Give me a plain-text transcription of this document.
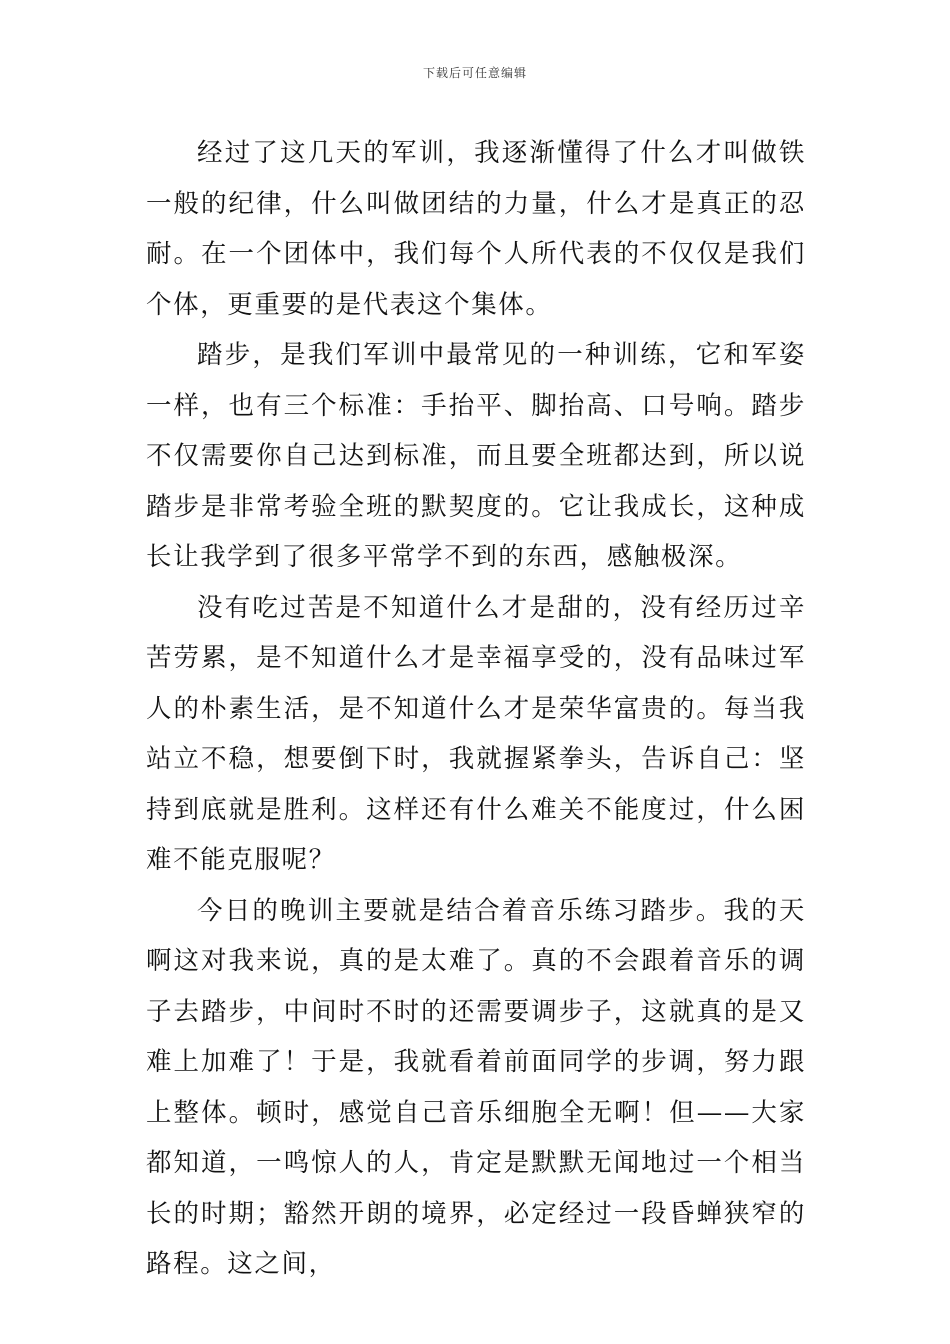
下载后可任意编辑

经过了这几天的军训，我逐渐懂得了什么才叫做铁一般的纪律，什么叫做团结的力量，什么才是真正的忍耐。在一个团体中，我们每个人所代表的不仅仅是我们个体，更重要的是代表这个集体。

踏步，是我们军训中最常见的一种训练，它和军姿一样，也有三个标准：手抬平、脚抬高、口号响。踏步不仅需要你自己达到标准，而且要全班都达到，所以说踏步是非常考验全班的默契度的。它让我成长，这种成长让我学到了很多平常学不到的东西，感触极深。

没有吃过苦是不知道什么才是甜的，没有经历过辛苦劳累，是不知道什么才是幸福享受的，没有品味过军人的朴素生活，是不知道什么才是荣华富贵的。每当我站立不稳，想要倒下时，我就握紧拳头，告诉自己：坚持到底就是胜利。这样还有什么难关不能度过，什么困难不能克服呢？

今日的晚训主要就是结合着音乐练习踏步。我的天啊这对我来说，真的是太难了。真的不会跟着音乐的调子去踏步，中间时不时的还需要调步子，这就真的是又难上加难了！于是，我就看着前面同学的步调，努力跟上整体。顿时，感觉自己音乐细胞全无啊！但——大家都知道，一鸣惊人的人，肯定是默默无闻地过一个相当长的时期；豁然开朗的境界，必定经过一段昏蝉狭窄的路程。这之间，
